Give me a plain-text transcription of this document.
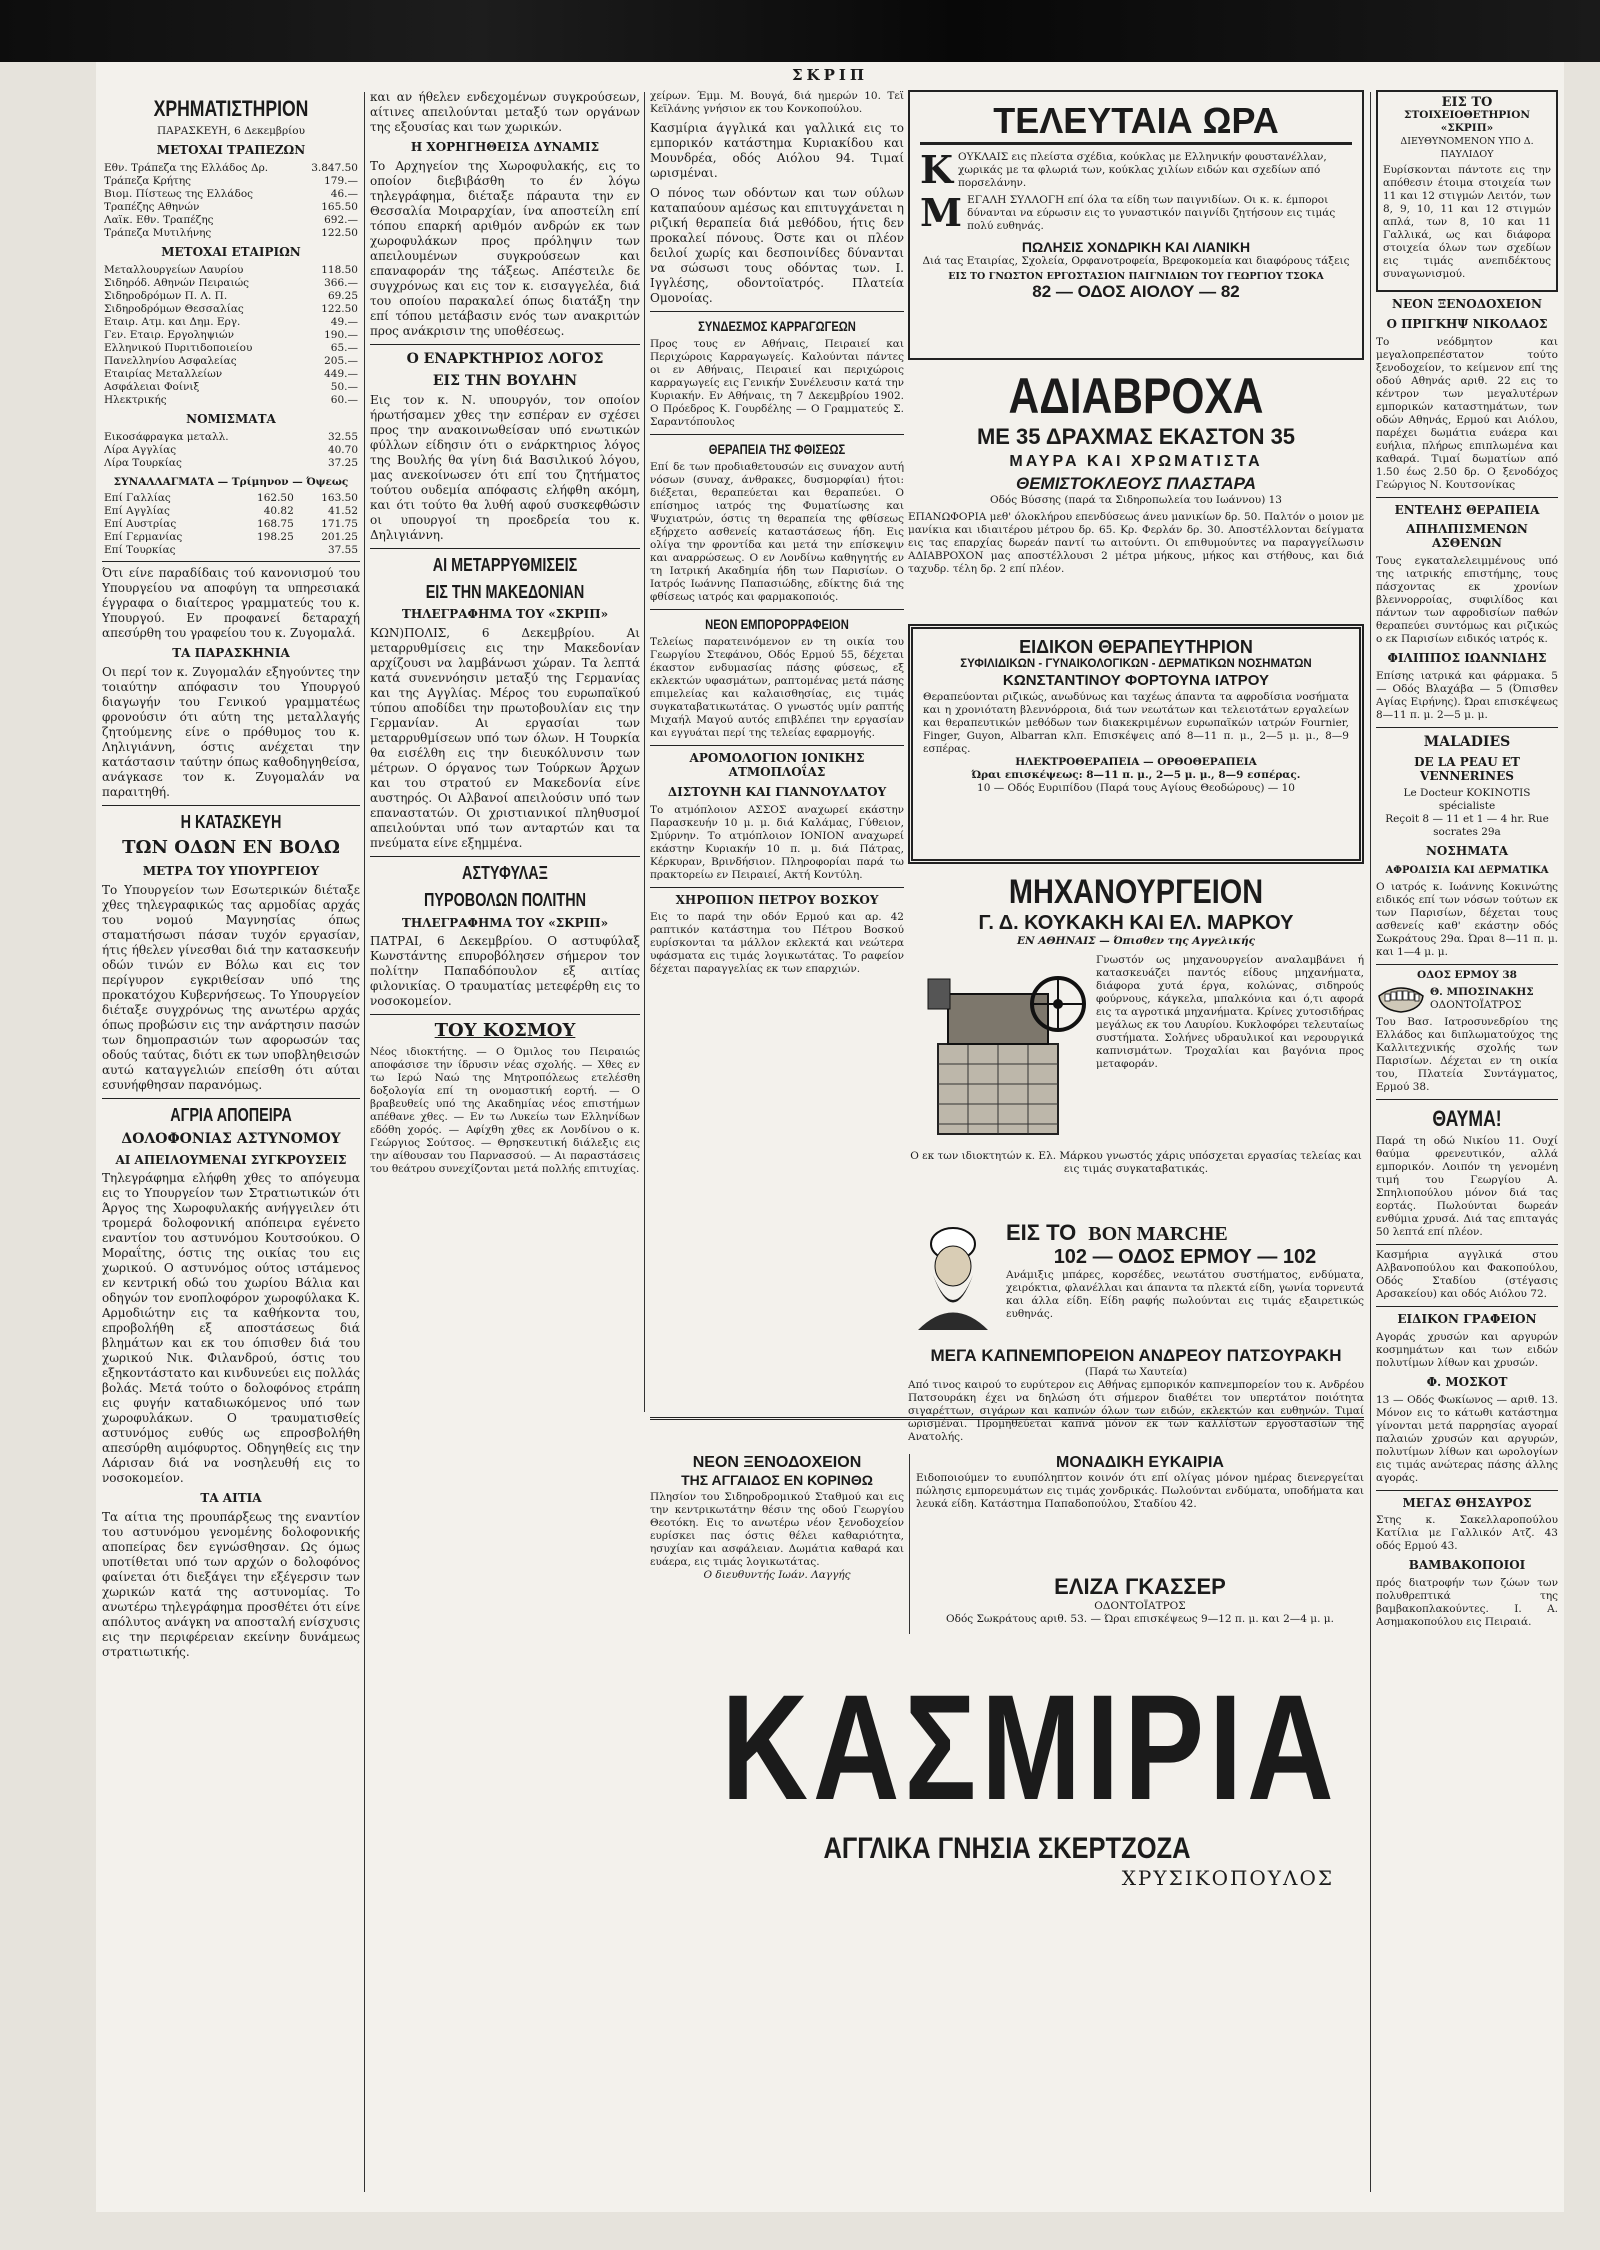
ΣΚΡΙΠ
ΧΡΗΜΑΤΙΣΤΗΡΙΟΝ
ΠΑΡΑΣΚΕΥΗ, 6 Δεκεμβρίου
ΜΕΤΟΧΑΙ ΤΡΑΠΕΖΩΝ
Εθν. Τράπεζα της Ελλάδος Δρ.	3.847.50
Τράπεζα Κρήτης	179.—
Βιομ. Πίστεως της Ελλάδος	46.—
Τραπέζης Αθηνών	165.50
Λαϊκ. Εθν. Τραπέζης	692.—
Τράπεζα Μυτιλήνης	122.50
ΜΕΤΟΧΑΙ ΕΤΑΙΡΙΩΝ
Μεταλλουργείων Λαυρίου	118.50
Σιδηρόδ. Αθηνών Πειραιώς	366.—
Σιδηροδρόμων Π. Λ. Π.	69.25
Σιδηροδρόμων Θεσσαλίας	122.50
Εταιρ. Ατμ. και Δημ. Εργ.	49.—
Γεν. Εταιρ. Εργοληψιών	190.—
Ελληνικού Πυριτιδοποιείου	65.—
Πανελληνίου Ασφαλείας	205.—
Εταιρίας Μεταλλείων	449.—
Ασφάλειαι Φοίνιξ	50.—
Ηλεκτρικής	60.—
ΝΟΜΙΣΜΑΤΑ
Εικοσάφραγκα μεταλλ.	32.55
Λίρα Αγγλίας	40.70
Λίρα Τουρκίας	37.25
ΣΥΝΑΛΛΑΓΜΑΤΑ — Τρίμηνον — Όψεως
Επί Γαλλίας	162.50	163.50
Επί Αγγλίας	40.82	41.52
Επί Αυστρίας	168.75	171.75
Επί Γερμανίας	198.25	201.25
Επί Τουρκίας		37.55

Ότι είνε παραδίδαις τού κανονισμού του Υπουργείου να αποφύγη τα υπηρεσιακά έγγραφα ο διαίτερος γραμματεύς του κ. Υπουργού. Εν προφανεί δεταραχή απεσύρθη του γραφείου του κ. Ζυγομαλά.

ΤΑ ΠΑΡΑΣΚΗΝΙΑ

Οι περί τον κ. Ζυγομαλάν εξηγούντες την τοιαύτην απόφασιν του Υπουργού διαγωγήν του Γενικού γραμματέως φρονούσιν ότι αύτη της μεταλλαγής ζητούμενης είνε ο πρόθυμος του κ. Ληλιγιάννη, όστις ανέχεται την κατάστασιν ταύτην όπως καθοδηγηθείσα, ανάγκασε τον κ. Ζυγομαλάν να παραιτηθή.

Η ΚΑΤΑΣΚΕΥΗ
ΤΩΝ ΟΔΩΝ ΕΝ ΒΟΛΩ
ΜΕΤΡΑ ΤΟΥ ΥΠΟΥΡΓΕΙΟΥ

Το Υπουργείον των Εσωτερικών διέταξε χθες τηλεγραφικώς τας αρμοδίας αρχάς του νομού Μαγνησίας όπως σταματήσωσι πάσαν τυχόν εργασίαν, ήτις ήθελεν γίνεσθαι διά την κατασκευήν οδών τινών εν Βόλω και εις τον περίγυρον εγκριθείσαν υπό της προκατόχου Κυβερνήσεως. Το Υπουργείον διέταξε συγχρόνως της ανωτέρω αρχάς όπως προβώσιν εις την ανάρτησιν πασών των δημοπρασιών των αφορωσών τας οδούς ταύτας, διότι εκ των υποβληθεισών αυτώ καταγγελιών επείσθη ότι αύται εσυνήφθησαν παρανόμως.

ΑΓΡΙΑ ΑΠΟΠΕΙΡΑ
ΔΟΛΟΦΟΝΙΑΣ ΑΣΤΥΝΟΜΟΥ
ΑΙ ΑΠΕΙΛΟΥΜΕΝΑΙ ΣΥΓΚΡΟΥΣΕΙΣ

Τηλεγράφημα ελήφθη χθες το απόγευμα εις το Υπουργείον των Στρατιωτικών ότι Άργος της Χωροφυλακής ανήγγειλεν ότι τρομερά δολοφονική απόπειρα εγένετο εναντίον του αστυνόμου Κουτσούκου. Ο Μοραΐτης, όστις της οικίας του εις χωρικού. Ο αστυνόμος ούτος ιστάμενος εν κεντρική οδώ του χωρίου Βάλια και οδηγών τον ενοπλοφόρον χωροφύλακα Κ. Αρμοδιώτην εις τα καθήκοντα του, επροβολήθη εξ αποστάσεως διά βλημάτων και εκ του όπισθεν διά του χωρικού Νικ. Φιλανδρού, όστις του εξηκοντάστατο και κινδυνεύει εις πολλάς βολάς. Μετά τούτο ο δολοφόνος ετράπη εις φυγήν καταδιωκόμενος υπό των χωροφυλάκων. Ο τραυματισθείς αστυνόμος ευθύς ως επροσβολήθη απεσύρθη αιμόφυρτος. Οδηγηθείς εις την Λάρισαν διά να νοσηλευθή εις το νοσοκομείον.

ΤΑ ΑΙΤΙΑ

Τα αίτια της προυπάρξεως της εναντίον του αστυνόμου γενομένης δολοφονικής αποπείρας δεν εγνώσθησαν. Ως όμως υποτίθεται υπό των αρχών ο δολοφόνος φαίνεται ότι διεξάγει την εξέγερσιν των χωρικών κατά της αστυνομίας. Το ανωτέρω τηλεγράφημα προσθέτει ότι είνε απόλυτος ανάγκη να αποσταλή ενίσχυσις εις την περιφέρειαν εκείνην δυνάμεως στρατιωτικής.

και αν ήθελεν ενδεχομένων συγκρούσεων, αίτινες απειλούνται μεταξύ των οργάνων της εξουσίας και των χωρικών.

Η ΧΟΡΗΓΗΘΕΙΣΑ ΔΥΝΑΜΙΣ

Το Αρχηγείον της Χωροφυλακής, εις το οποίον διεβιβάσθη το έν λόγω τηλεγράφημα, διέταξε πάραυτα την εν Θεσσαλία Μοιραρχίαν, ίνα αποστείλη επί τόπου επαρκή αριθμόν ανδρών εκ των χωροφυλάκων προς πρόληψιν των απειλουμένων συγκρούσεων και επαναφοράν της τάξεως. Απέστειλε δε συγχρόνως και εις τον κ. εισαγγελέα, διά του οποίου παρακαλεί όπως διατάξη την επί τόπου μετάβασιν ενός των ανακριτών προς ανάκρισιν της υποθέσεως.

Ο ΕΝΑΡΚΤΗΡΙΟΣ ΛΟΓΟΣ
ΕΙΣ ΤΗΝ ΒΟΥΛΗΝ

Εις τον κ. Ν. υπουργόν, τον οποίον ήρωτήσαμεν χθες την εσπέραν εν σχέσει προς την ανακοινωθείσαν υπό ενωτικών φύλλων είδησιν ότι ο ενάρκτηριος λόγος της Βουλής θα γίνη διά Βασιλικού λόγου, μας ανεκοίνωσεν ότι επί του ζητήματος τούτου ουδεμία απόφασις ελήφθη ακόμη, και ότι τούτο θα λυθή αφού συσκεφθώσιν οι υπουργοί τη προεδρεία του κ. Δηλιγιάννη.

ΑΙ ΜΕΤΑΡΡΥΘΜΙΣΕΙΣ
ΕΙΣ ΤΗΝ ΜΑΚΕΔΟΝΙΑΝ
ΤΗΛΕΓΡΑΦΗΜΑ ΤΟΥ «ΣΚΡΙΠ»

ΚΩΝ)ΠΟΛΙΣ, 6 Δεκεμβρίου. Αι μεταρρυθμίσεις εις την Μακεδονίαν αρχίζουσι να λαμβάνωσι χώραν. Τα λεπτά κατά συνεννόησιν μεταξύ της Γερμανίας και της Αγγλίας. Μέρος του ευρωπαϊκού τύπου αποδίδει την πρωτοβουλίαν εις την Γερμανίαν. Αι εργασίαι των μεταρρυθμίσεων υπό των όλων. Η Τουρκία θα εισέλθη εις την διευκόλυνσιν των μέτρων. Ο όργανος των Τούρκων Άρχων και του στρατού εν Μακεδονία είνε αυστηρός. Οι Αλβανοί απειλούσιν υπό των επαναστατών. Οι χριστιανικοί πληθυσμοί απειλούνται υπό των ανταρτών και τα πνεύματα είνε εξημμένα.

ΑΣΤΥΦΥΛΑΞ
ΠΥΡΟΒΟΛΩΝ ΠΟΛΙΤΗΝ
ΤΗΛΕΓΡΑΦΗΜΑ ΤΟΥ «ΣΚΡΙΠ»

ΠΑΤΡΑΙ, 6 Δεκεμβρίου. Ο αστυφύλαξ Κωνστάντης επυροβόλησεν σήμερον τον πολίτην Παπαδόπουλον εξ αιτίας φιλονικίας. Ο τραυματίας μετεφέρθη εις το νοσοκομείον.

ΤΟΥ ΚΟΣΜΟΥ

Νέος ιδιοκτήτης. — Ο Όμιλος του Πειραιώς αποφάσισε την ίδρυσιν νέας σχολής. — Χθες εν τω Ιερώ Ναώ της Μητροπόλεως ετελέσθη δοξολογία επί τη ονομαστική εορτή. — Ο βραβευθείς υπό της Ακαδημίας νέος επιστήμων απέθανε χθες. — Εν τω Λυκείω των Ελληνίδων εδόθη χορός. — Αφίχθη χθες εκ Λονδίνου ο κ. Γεώργιος Σούτσος. — Θρησκευτική διάλεξις εις την αίθουσαν του Παρνασσού. — Αι παραστάσεις του θεάτρου συνεχίζονται μετά πολλής επιτυχίας.

χείρων. Έμμ. Μ. Βουγά, διά ημερών 10. Τεϊ Κεϊλάνης γνήσιον εκ του Κονκοπούλου.

Κασμίρια άγγλικά και γαλλικά εις το εμπορικόν κατάστημα Κυριακίδου και Μουνδρέα, οδός Αιόλου 94. Τιμαί ωρισμέναι.

Ο πόνος των οδόντων και των ούλων καταπαύουν αμέσως και επιτυγχάνεται η ριζική θεραπεία διά μεθόδου, ήτις δεν προκαλεί πόνους. Όστε και οι πλέον δειλοί χωρίς και δεσποινίδες δύνανται να σώσωσι τους οδόντας των. Ι. Ιγγλέσης, οδοντοϊατρός. Πλατεία Ομονοίας.

ΣΥΝΔΕΣΜΟΣ ΚΑΡΡΑΓΩΓΕΩΝ

Προς τους εν Αθήναις, Πειραιεί και Περιχώροις Καρραγωγείς. Καλούνται πάντες οι εν Αθήναις, Πειραιεί και περιχώροις καρραγωγείς εις Γενικήν Συνέλευσιν κατά την Κυριακήν. Εν Αθήναις, τη 7 Δεκεμβρίου 1902. Ο Πρόεδρος Κ. Γουρδέλης — Ο Γραμματεύς Σ. Σαραντόπουλος

ΘΕΡΑΠΕΙΑ ΤΗΣ ΦΘΙΣΕΩΣ

Επί δε των προδιαθετουσών εις συναχον αυτή νόσων (συναχ, άνθρακες, δυσμορφίαι) ήτοι: διέξεται, θεραπεύεται και θεραπεύει. Ο επίσημος ιατρός της Φυματίωσης και Ψυχιατρών, όστις τη θεραπεία της φθίσεως εξήρχετο ασθενείς καταστάσεως ήδη. Εις ολίγα την φροντίδα και μετά την επίσκεψιν και αναρρώσεως. Ο εν Λονδίνω καθηγητής εν τη Ιατρική Ακαδημία ήδη των Παρισίων. Ο Ιατρός Ιωάννης Παπασιώδης, εδίκτης διά της φθίσεως ιατρός και φαρμακοποιός.

ΝΕΟΝ ΕΜΠΟΡΟΡΡΑΦΕΙΟΝ

Τελείως παρατεινόμενον εν τη οικία του Γεωργίου Στεφάνου, Οδός Ερμού 55, δέχεται έκαστον ενδυμασίας πάσης φύσεως, εξ εκλεκτών υφασμάτων, ραπτομένας μετά πάσης επιμελείας και καλαισθησίας, εις τιμάς συγκαταβατικωτάτας. Ο γνωστός υμίν ραπτής Μιχαήλ Μαγού αυτός επιβλέπει την εργασίαν και εγγυάται περί της τελείας εφαρμογής.

ΑΡΟΜΟΛΟΓΙΟΝ ΙΟΝΙΚΗΣ ΑΤΜΟΠΛΟΐΑΣ
ΔΙΣΤΟΥΝΗ ΚΑΙ ΓΙΑΝΝΟΥΛΑΤΟΥ

Το ατμόπλοιον ΑΣΣΟΣ αναχωρεί εκάστην Παρασκευήν 10 μ. μ. διά Καλάμας, Γύθειον, Σμύρνην. Το ατμόπλοιον ΙΟΝΙΟΝ αναχωρεί εκάστην Κυριακήν 10 π. μ. διά Πάτρας, Κέρκυραν, Βρινδήσιον. Πληροφορίαι παρά τω πρακτορείω εν Πειραιεί, Ακτή Κοντύλη.

ΧΗΡΟΠΙΟΝ ΠΕΤΡΟΥ ΒΟΣΚΟΥ

Εις το παρά την οδόν Ερμού και αρ. 42 ραπτικόν κατάστημα του Πέτρου Βοσκού ευρίσκονται τα μάλλον εκλεκτά και νεώτερα υφάσματα εις τιμάς λογικωτάτας. Το ραφείον δέχεται παραγγελίας εκ των επαρχιών.

ΤΕΛΕΥΤΑΙΑ ΩΡΑ
Κ ΟΥΚΛΑΙΣ εις πλείστα σχέδια, κούκλας με Ελληνικήν φουστανέλλαν, χωρικάς με τα φλωριά των, κούκλας χιλίων ειδών και σχεδίων από πορσελάνην.
Μ ΕΓΑΛΗ ΣΥΛΛΟΓΗ επί όλα τα είδη των παιγνιδίων. Οι κ. κ. έμποροι δύνανται να εύρωσιν εις το γυναστικόν παιγνίδι ζητήσουν εις τιμάς πολύ ευθηνάς.
ΠΩΛΗΣΙΣ ΧΟΝΔΡΙΚΗ ΚΑΙ ΛΙΑΝΙΚΗ
Διά τας Εταιρίας, Σχολεία, Ορφανοτροφεία, Βρεφοκομεία και διαφόρους τάξεις
ΕΙΣ ΤΟ ΓΝΩΣΤΟΝ ΕΡΓΟΣΤΑΣΙΟΝ ΠΑΙΓΝΙΔΙΩΝ ΤΟΥ ΓΕΩΡΓΙΟΥ ΤΣΟΚΑ
82 — ΟΔΟΣ ΑΙΟΛΟΥ — 82
ΑΔΙΑΒΡΟΧΑ
ΜΕ 35 ΔΡΑΧΜΑΣ ΕΚΑΣΤΟΝ 35
ΜΑΥΡΑ ΚΑΙ ΧΡΩΜΑΤΙΣΤΑ
ΘΕΜΙΣΤΟΚΛΕΟΥΣ ΠΛΑΣΤΑΡΑ
Οδός Βύσσης (παρά τα Σιδηροπωλεία του Ιωάννου) 13

ΕΠΑΝΩΦΟΡΙΑ μεθ' όλοκλήρου επενδύσεως άνευ μανικίων δρ. 50. Παλτόν ο μοιον με μανίκια και ιδιαιτέρου μέτρου δρ. 65. Κρ. Φερλάν δρ. 30. Αποστέλλονται δείγματα εις τας επαρχίας δωρεάν παντί τω αιτούντι. Οι επιθυμούντες να παραγγείλωσιν ΑΔΙΑΒΡΟΧΟΝ μας αποστέλλουσι 2 μέτρα μήκους, μήκος και στήθους, και διά ταχυδρ. τέλη δρ. 2 επί πλέον.

ΕΙΔΙΚΟΝ ΘΕΡΑΠΕΥΤΗΡΙΟΝ
ΣΥΦΙΛΙΔΙΚΩΝ - ΓΥΝΑΙΚΟΛΟΓΙΚΩΝ - ΔΕΡΜΑΤΙΚΩΝ ΝΟΣΗΜΑΤΩΝ
ΚΩΝΣΤΑΝΤΙΝΟΥ ΦΟΡΤΟΥΝΑ ΙΑΤΡΟΥ

Θεραπεύονται ριζικώς, ανωδύνως και ταχέως άπαντα τα αφροδίσια νοσήματα και η χρονιότατη βλεννόρροια, διά των νεωτάτων και τελειοτάτων εργαλείων και θεραπευτικών μεθόδων των διακεκριμένων ευρωπαϊκών ιατρών Fournier, Finger, Guyon, Albarran κλπ. Επισκέψεις από 8—11 π. μ., 2—5 μ. μ., 8—9 εσπέρας.

ΗΛΕΚΤΡΟΘΕΡΑΠΕΙΑ — ΟΡΘΟΘΕΡΑΠΕΙΑ
Ώραι επισκέψεως: 8—11 π. μ., 2—5 μ. μ., 8—9 εσπέρας.
10 — Οδός Ευριπίδου (Παρά τους Αγίους Θεοδώρους) — 10
ΜΗΧΑΝΟΥΡΓΕΙΟΝ
Γ. Δ. ΚΟΥΚΑΚΗ ΚΑΙ ΕΛ. ΜΑΡΚΟΥ
ΕΝ ΑΘΗΝΑΙΣ — Όπισθεν της Αγγελικής

Γνωστόν ως μηχανουργείον αναλαμβάνει ή κατασκευάζει παντός είδους μηχανήματα, διάφορα χυτά έργα, κολώνας, σιδηρούς φούρνους, κάγκελα, μπαλκόνια και ό,τι αφορά εις τα αγροτικά μηχανήματα. Κρίνες χυτοσιδήρας μεγάλως εκ του Λαυρίου. Κυκλοφόρει τελευταίως συστήματα. Σολήνες υδραυλικοί και νερουργικά καπνισμάτων. Τροχαλίαι και βαγόνια προς μεταφοράν.

Ο εκ των ιδιοκτητών κ. Ελ. Μάρκου γνωστός χάρις υπόσχεται εργασίας τελείας και εις τιμάς συγκαταβατικάς.

ΕΙΣ ΤΟ BON MARCHE
102 — ΟΔΟΣ ΕΡΜΟΥ — 102

Ανάμιξις μπάρες, κορσέδες, νεωτάτου συστήματος, ενδύματα, χειρόκτια, φλανέλλαι και άπαντα τα πλεκτά είδη, γωνία τορνευτά και άλλα είδη. Είδη ραφής πωλούνται εις τιμάς εξαιρετικώς ευθηνάς.

ΜΕΓΑ ΚΑΠΝΕΜΠΟΡΕΙΟΝ ΑΝΔΡΕΟΥ ΠΑΤΣΟΥΡΑΚΗ
(Παρά τω Χαυτεία)

Από τινος καιρού το ευρύτερον εις Αθήνας εμπορικόν καπνεμπορείον του κ. Ανδρέου Πατσουράκη έχει να δηλώση ότι σήμερον διαθέτει τον υπερτάτον ποιότητα σιγαρέττων, σιγάρων και καπνών όλων των ειδών, εκλεκτών και ευθηνών. Τιμαί ωρισμέναι. Προμηθεύεται καπνά μόνον εκ των καλλίστων εργοστασίων της Ανατολής.

ΝΕΟΝ ΞΕΝΟΔΟΧΕΙΟΝ
ΤΗΣ ΑΓΓΑΙΔΟΣ ΕΝ ΚΟΡΙΝΘΩ

Πλησίον του Σιδηροδρομικού Σταθμού και εις την κεντρικωτάτην θέσιν της οδού Γεωργίου Θεοτόκη. Εις το ανωτέρω νέον ξενοδοχείον ευρίσκει πας όστις θέλει καθαριότητα, ησυχίαν και ασφάλειαν. Δωμάτια καθαρά και ευάερα, εις τιμάς λογικωτάτας.

Ο διευθυντής Ιωάν. Λαγγής
ΜΟΝΑΔΙΚΗ ΕΥΚΑΙΡΙΑ

Ειδοποιούμεν το ευυπόληπτον κοινόν ότι επί ολίγας μόνον ημέρας διενεργείται πώλησις εμπορευμάτων εις τιμάς χονδρικάς. Πωλούνται ενδύματα, υποδήματα και λευκά είδη. Κατάστημα Παπαδοπούλου, Σταδίου 42.

ΕΛΙΖΑ ΓΚΑΣΣΕΡ
ΟΔΟΝΤΟΪΑΤΡΟΣ
Οδός Σωκράτους αριθ. 53. — Ώραι επισκέψεως 9—12 π. μ. και 2—4 μ. μ.
ΚΑΣΜΙΡΙΑ
ΑΓΓΛΙΚΑ ΓΝΗΣΙΑ ΣΚΕΡΤΖΟΖΑ
ΧΡΥΣΙΚΟΠΟΥΛΟΣ
ΕΙΣ ΤΟ
ΣΤΟΙΧΕΙΟΘΕΤΗΡΙΟΝ «ΣΚΡΙΠ»
ΔΙΕΥΘΥΝΟΜΕΝΟΝ ΥΠΟ Δ. ΠΑΥΛΙΔΟΥ

Ευρίσκονται πάντοτε εις την απόθεσιν έτοιμα στοιχεία των 11 και 12 στιγμών Λειτόν, των 8, 9, 10, 11 και 12 στιγμών απλά, των 8, 10 και 11 Γαλλικά, ως και διάφορα στοιχεία όλων των σχεδίων εις τιμάς ανεπιδέκτους συναγωνισμού.

ΝΕΟΝ ΞΕΝΟΔΟΧΕΙΟΝ
Ο ΠΡΙΓΚΗΨ ΝΙΚΟΛΑΟΣ

Το νεόδμητον και μεγαλοπρεπέστατον τούτο ξενοδοχείον, το κείμενον επί της οδού Αθηνάς αριθ. 22 εις το κέντρον των μεγαλυτέρων εμπορικών καταστημάτων, των οδών Αθηνάς, Ερμού και Αιόλου, παρέχει δωμάτια ευάερα και ευήλια, πλήρως επιπλωμένα και καθαρά. Τιμαί δωματίων από 1.50 έως 2.50 δρ. Ο ξενοδόχος Γεώργιος Ν. Κουτσονίκας

ΕΝΤΕΛΗΣ ΘΕΡΑΠΕΙΑ
ΑΠΗΛΠΙΣΜΕΝΩΝ ΑΣΘΕΝΩΝ

Τους εγκαταλελειμμένους υπό της ιατρικής επιστήμης, τους πάσχοντας εκ χρονίων βλεννορροίας, συφιλίδος και πάντων των αφροδισίων παθών θεραπεύει συντόμως και ριζικώς ο εκ Παρισίων ειδικός ιατρός κ.

ΦΙΛΙΠΠΟΣ ΙΩΑΝΝΙΔΗΣ

Επίσης ιατρικά και φάρμακα. 5 — Οδός Βλαχάβα — 5 (Όπισθεν Αγίας Ειρήνης). Ώραι επισκέψεως 8—11 π. μ. 2—5 μ. μ.

MALADIES
DE LA PEAU ET VENNERINES
Le Docteur KOKINOTIS spécialiste
Reçoit 8 — 11 et 1 — 4 hr. Rue socrates 29a
ΝΟΣΗΜΑΤΑ
ΑΦΡΟΔΙΣΙΑ ΚΑΙ ΔΕΡΜΑΤΙΚΑ

Ο ιατρός κ. Ιωάννης Κοκινώτης ειδικός επί των νόσων τούτων εκ των Παρισίων, δέχεται τους ασθενείς καθ' εκάστην οδός Σωκράτους 29α. Ώραι 8—11 π. μ. και 1—4 μ. μ.

ΟΔΟΣ ΕΡΜΟΥ 38
Θ. ΜΠΟΣΙΝΑΚΗΣ
ΟΔΟΝΤΟΪΑΤΡΟΣ

Του Βασ. Ιατροσυνεδρίου της Ελλάδος και διπλωματούχος της Καλλιτεχνικής σχολής των Παρισίων. Δέχεται εν τη οικία του, Πλατεία Συντάγματος, Ερμού 38.

ΘΑΥΜΑ!

Παρά τη οδώ Νικίου 11. Ουχί θαύμα φρενευτικόν, αλλά εμπορικόν. Λοιπόν τη γενομένη τιμή του Γεωργίου Α. Σπηλιοπούλου μόνον διά τας εορτάς. Πωλούνται δωρεάν ενθύμια χρυσά. Διά τας επιταγάς 50 λεπτά επί πλέον.

Κασμήρια αγγλικά στου Αλβανοπούλου και Φακοπούλου, Οδός Σταδίου (στέγασις Αρσακείου) και οδός Αιόλου 72.

ΕΙΔΙΚΟΝ ΓΡΑΦΕΙΟΝ

Αγοράς χρυσών και αργυρών κοσμημάτων και των ειδών πολυτίμων λίθων και χρυσών.

Φ. ΜΟΣΚΟΤ

13 — Οδός Φωκίωνος — αριθ. 13. Μόνον εις το κάτωθι κατάστημα γίνονται μετά παρρησίας αγοραί παλαιών χρυσών και αργυρών, πολυτίμων λίθων και ωρολογίων εις τιμάς ανώτερας πάσης άλλης αγοράς.

ΜΕΓΑΣ ΘΗΣΑΥΡΟΣ

Στης κ. Σακελλαροπούλου Κατίλια με Γαλλικόν Ατζ. 43 οδός Ερμού 43.

ΒΑΜΒΑΚΟΠΟΙΟΙ

πρός διατροφήν των ζώων των πολυθρεπτικά της βαμβακοπλακούντες. Ι. Α. Ασημακοπούλου εις Πειραιά.
